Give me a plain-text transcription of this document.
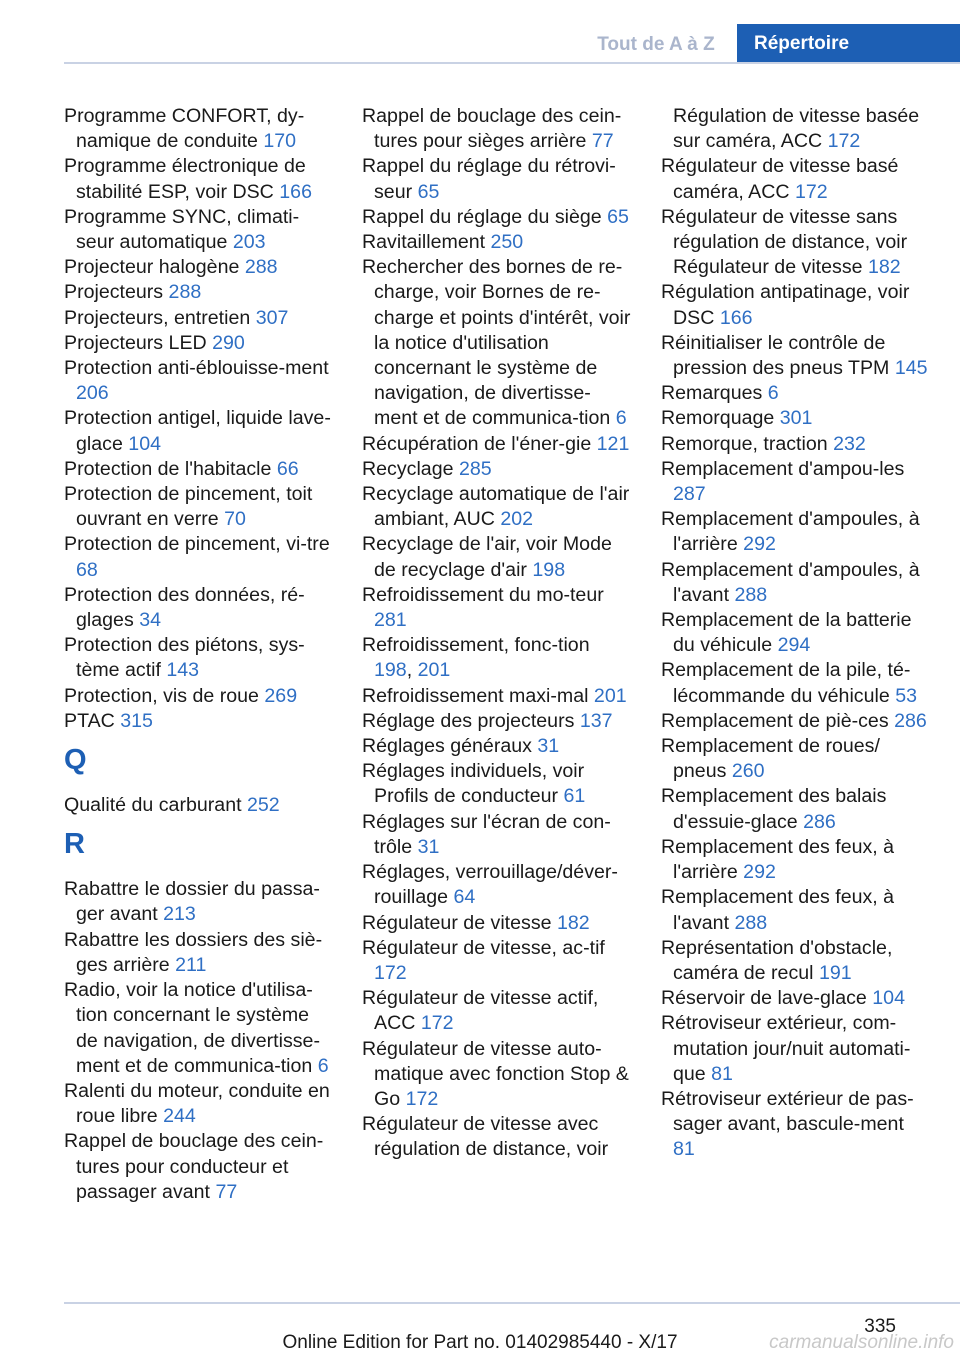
Tout de A à Z	Répertoire
Programme CONFORT, dy-namique de conduite 170
Programme électronique de stabilité ESP, voir DSC 166
Programme SYNC, climati-seur automatique 203
Projecteur halogène 288
Projecteurs 288
Projecteurs, entretien 307
Projecteurs LED 290
Protection anti-éblouisse-ment 206
Protection antigel, liquide lave-glace 104
Protection de l'habitacle 66
Protection de pincement, toit ouvrant en verre 70
Protection de pincement, vi-tre 68
Protection des données, ré-glages 34
Protection des piétons, sys-tème actif 143
Protection, vis de roue 269
PTAC 315
Q
Qualité du carburant 252
R
Rabattre le dossier du passa-ger avant 213
Rabattre les dossiers des siè-ges arrière 211
Radio, voir la notice d'utilisa-tion concernant le système de navigation, de divertisse-ment et de communica-tion 6
Ralenti du moteur, conduite en roue libre 244
Rappel de bouclage des cein-tures pour conducteur et passager avant 77
Rappel de bouclage des cein-tures pour sièges arrière 77
Rappel du réglage du rétrovi-seur 65
Rappel du réglage du siège 65
Ravitaillement 250
Rechercher des bornes de re-charge, voir Bornes de re-charge et points d'intérêt, voir la notice d'utilisation concernant le système de navigation, de divertisse-ment et de communica-tion 6
Récupération de l'éner-gie 121
Recyclage 285
Recyclage automatique de l'air ambiant, AUC 202
Recyclage de l'air, voir Mode de recyclage d'air 198
Refroidissement du mo-teur 281
Refroidissement, fonc-tion 198, 201
Refroidissement maxi-mal 201
Réglage des projecteurs 137
Réglages généraux 31
Réglages individuels, voir Profils de conducteur 61
Réglages sur l'écran de con-trôle 31
Réglages, verrouillage/déver-rouillage 64
Régulateur de vitesse 182
Régulateur de vitesse, ac-tif 172
Régulateur de vitesse actif, ACC 172
Régulateur de vitesse auto-matique avec fonction Stop & Go 172
Régulateur de vitesse avec régulation de distance, voir
Régulation de vitesse basée sur caméra, ACC 172
Régulateur de vitesse basé caméra, ACC 172
Régulateur de vitesse sans régulation de distance, voir Régulateur de vitesse 182
Régulation antipatinage, voir DSC 166
Réinitialiser le contrôle de pression des pneus TPM 145
Remarques 6
Remorquage 301
Remorque, traction 232
Remplacement d'ampou-les 287
Remplacement d'ampoules, à l'arrière 292
Remplacement d'ampoules, à l'avant 288
Remplacement de la batterie du véhicule 294
Remplacement de la pile, té-lécommande du véhicule 53
Remplacement de piè-ces 286
Remplacement de roues/ pneus 260
Remplacement des balais d'essuie-glace 286
Remplacement des feux, à l'arrière 292
Remplacement des feux, à l'avant 288
Représentation d'obstacle, caméra de recul 191
Réservoir de lave-glace 104
Rétroviseur extérieur, com-mutation jour/nuit automati-que 81
Rétroviseur extérieur de pas-sager avant, bascule-ment 81
335
Online Edition for Part no. 01402985440 - X/17	carmanualsonline.info
